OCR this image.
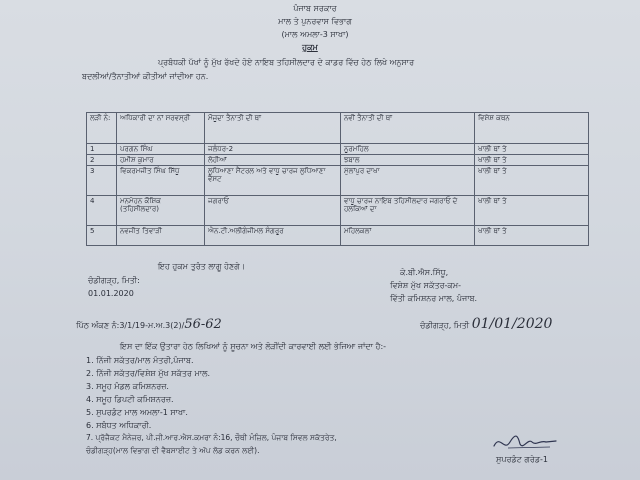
ਪੰਜਾਬ ਸਰਕਾਰ
ਮਾਲ ਤੇ ਪੁਨਰਵਾਸ ਵਿਭਾਗ
(ਮਾਲ ਅਮਲਾ-3 ਸਾਖਾ)
ਹੁਕਮ
ਪ੍ਰਬੰਧਕੀ ਪੱਖਾਂ ਨੂੰ ਮੁੱਖ ਰੱਖਦੇ ਹੋਏ ਨਾਇਬ ਤਹਿਸੀਲਦਾਰ ਦੇ ਕਾਡਰ ਵਿੱਚ ਹੇਠ ਲਿਖੇ ਅਨੁਸਾਰ
ਬਦਲੀਆਂ/ਤੈਨਾਤੀਆਂ ਕੀਤੀਆਂ ਜਾਂਦੀਆ ਹਨ.
ਲੜੀ ਨੰ:	ਅਧਿਕਾਰੀ ਦਾ ਨਾਂ ਸਰਵਸ੍ਰੀ	ਮੌਜੂਦਾ ਤੈਨਾਤੀ ਦੀ ਥਾਂ	ਨਵੀਂ ਤੈਨਾਤੀ ਦੀ ਥਾਂ	ਵਿਸ਼ੇਸ਼ ਕਥਨ
1	ਪਰਗਨ ਸਿੰਘ	ਜਲੰਧਰ-2	ਨੂਰਮਹਿਲ	ਖਾਲੀ ਥਾਂ ਤੇ
2	ਹਮੀਸ਼ ਕੁਮਾਰ	ਲੋਹੀਆਂ	ਝਬਾਲ	ਖਾਲੀ ਥਾਂ ਤੇ
3	ਵਿਕਰਮਜੀਤ ਸਿੰਘ ਸਿੱਧੂ	ਲੁਧਿਆਣਾ ਸੈਂਟਰਲ ਅਤੇ ਵਾਧੂ ਚਾਰਜ ਲੁਧਿਆਣਾ ਵੈਸਟ	ਮੁੱਲਾਂਪੁਰ ਦਾਖਾ	ਖਾਲੀ ਥਾਂ ਤੇ
4	ਮਨਮੋਹਨ ਕੌਸ਼ਿਕ (ਤਹਿਸੀਲਦਾਰ)	ਜਗਰਾਓਂ	ਵਾਧੂ ਚਾਰਜ ਨਾਇਬ ਤਹਿਸੀਲਦਾਰ ਜਗਰਾਓਂ ਦੇ ਹਲਕਿਆਂ ਦਾ	ਖਾਲੀ ਥਾਂ ਤੇ
5	ਨਵਜੀਤ ਤਿਵਾੜੀ	ਐਨ.ਟੀ.ਅਲੀਗੰਜੀਮਲ ਸੰਗਰੂਰ	ਮਹਿਲਕਲਾਂ	ਖਾਲੀ ਥਾਂ ਤੇ
ਇਹ ਹੁਕਮ ਤੁਰੰਤ ਲਾਗੂ ਹੋਣਗੇ।
ਚੰਡੀਗੜ੍ਹ, ਮਿਤੀ:
01.01.2020
ਕੇ.ਬੀ.ਐਸ.ਸਿੱਧੂ,
ਵਿਸ਼ੇਸ਼ ਮੁੱਖ ਸਕੱਤਰ-ਕਮ-
ਵਿੱਤੀ ਕਮਿਸ਼ਨਰ ਮਾਲ, ਪੰਜਾਬ.
ਪਿੱਠ ਅੰਕਣ ਨੰ:3/1/19-ਮ.ਅ.3(2)/56-62	ਚੰਡੀਗੜ੍ਹ, ਮਿਤੀ 01/01/2020
ਇਸ ਦਾ ਇੱਕ ਉਤਾਰਾ ਹੇਠ ਲਿਖਿਆਂ ਨੂੰ ਸੂਚਨਾ ਅਤੇ ਲੋੜੀਂਦੀ ਕਾਰਵਾਈ ਲਈ ਭੇਜਿਆ ਜਾਂਦਾ ਹੈ:-
1. ਨਿੱਜੀ ਸਕੱਤਰ/ਮਾਲ ਮੰਤਰੀ,ਪੰਜਾਬ.
2. ਨਿੱਜੀ ਸਕੱਤਰ/ਵਿਸ਼ੇਸ਼ ਮੁੱਖ ਸਕੱਤਰ ਮਾਲ.
3. ਸਮੂਹ ਮੰਡਲ ਕਮਿਸ਼ਨਰਜ਼.
4. ਸਮੂਹ ਡਿਪਟੀ ਕਮਿਸ਼ਨਰਜ਼.
5. ਸੁਪਰਡੰਟ ਮਾਲ ਅਮਲਾ-1 ਸਾਖਾ.
6. ਸਬੰਧਤ ਅਧਿਕਾਰੀ.
7. ਪ੍ਰੋਜੈਕਟ ਮੈਨੇਜਰ, ਪੀ.ਜੀ.ਆਰ.ਐਸ.ਕਮਰਾ ਨੰ:16, ਚੌਥੀ ਮੰਜ਼ਿਲ, ਪੰਜਾਬ ਸਿਵਲ ਸਕੱਤਰੇਤ,
ਚੰਡੀਗੜ੍ਹ(ਮਾਲ ਵਿਭਾਗ ਦੀ ਵੈਬਸਾਈਟ ਤੇ ਅੱਪ ਲੋਡ ਕਰਨ ਲਈ).
ਸੁਪਰਡੰਟ ਗਰੇਡ-1
